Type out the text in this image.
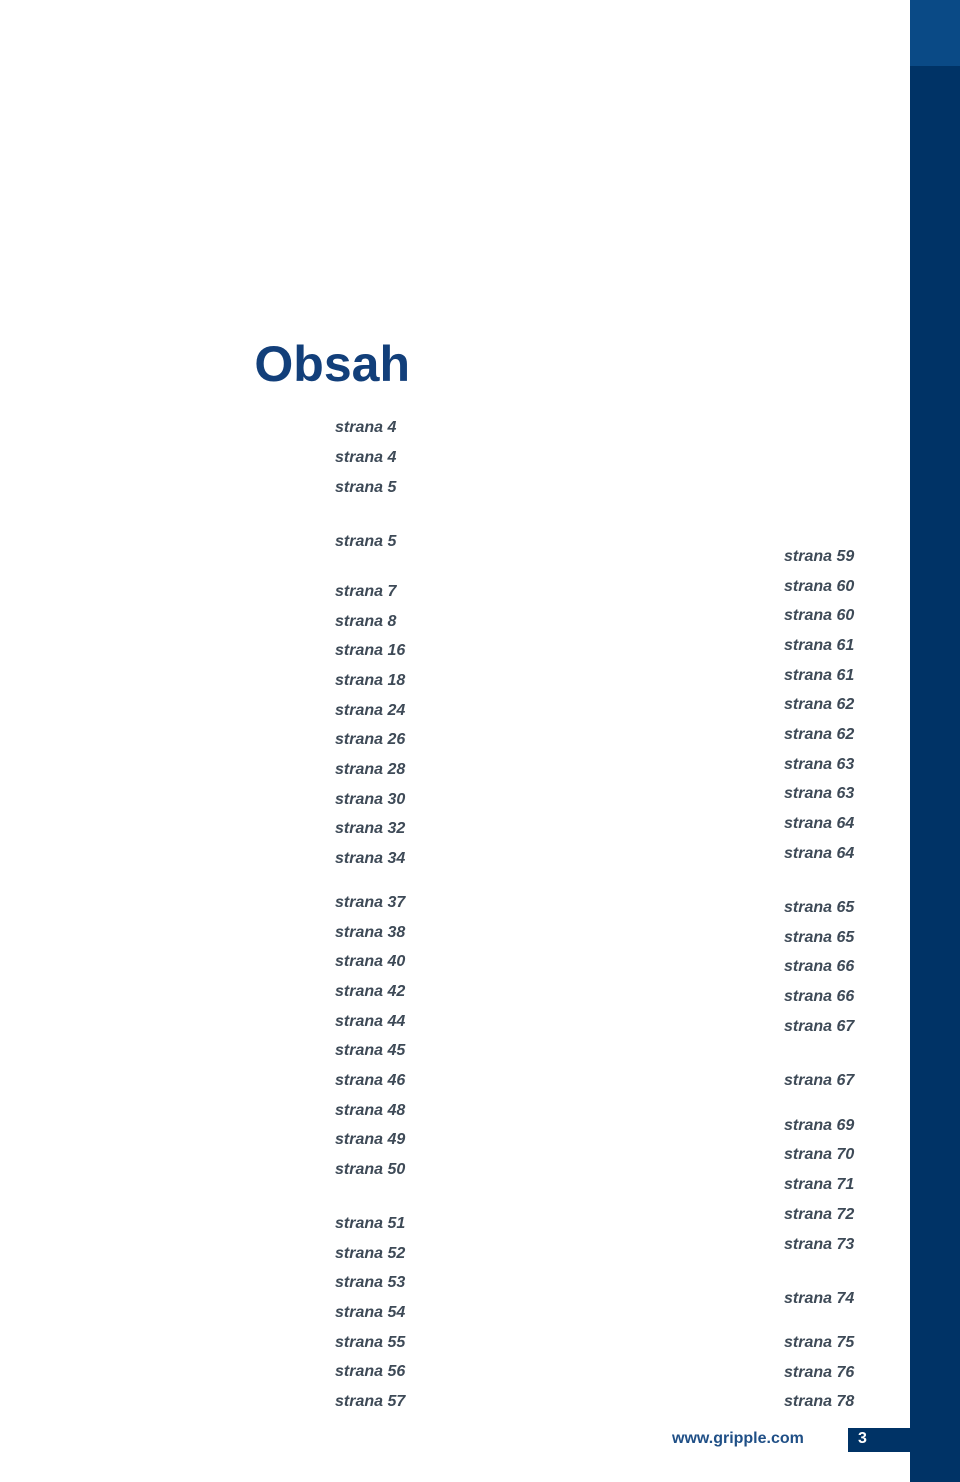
Obsah
strana 4
strana 4
strana 5
strana 5
strana 7
strana 8
strana 16
strana 18
strana 24
strana 26
strana 28
strana 30
strana 32
strana 34
strana 37
strana 38
strana 40
strana 42
strana 44
strana 45
strana 46
strana 48
strana 49
strana 50
strana 51
strana 52
strana 53
strana 54
strana 55
strana 56
strana 57
strana 59
strana 60
strana 60
strana 61
strana 61
strana 62
strana 62
strana 63
strana 63
strana 64
strana 64
strana 65
strana 65
strana 66
strana 66
strana 67
strana 67
strana 69
strana 70
strana 71
strana 72
strana 73
strana 74
strana 75
strana 76
strana 78
www.gripple.com	3
